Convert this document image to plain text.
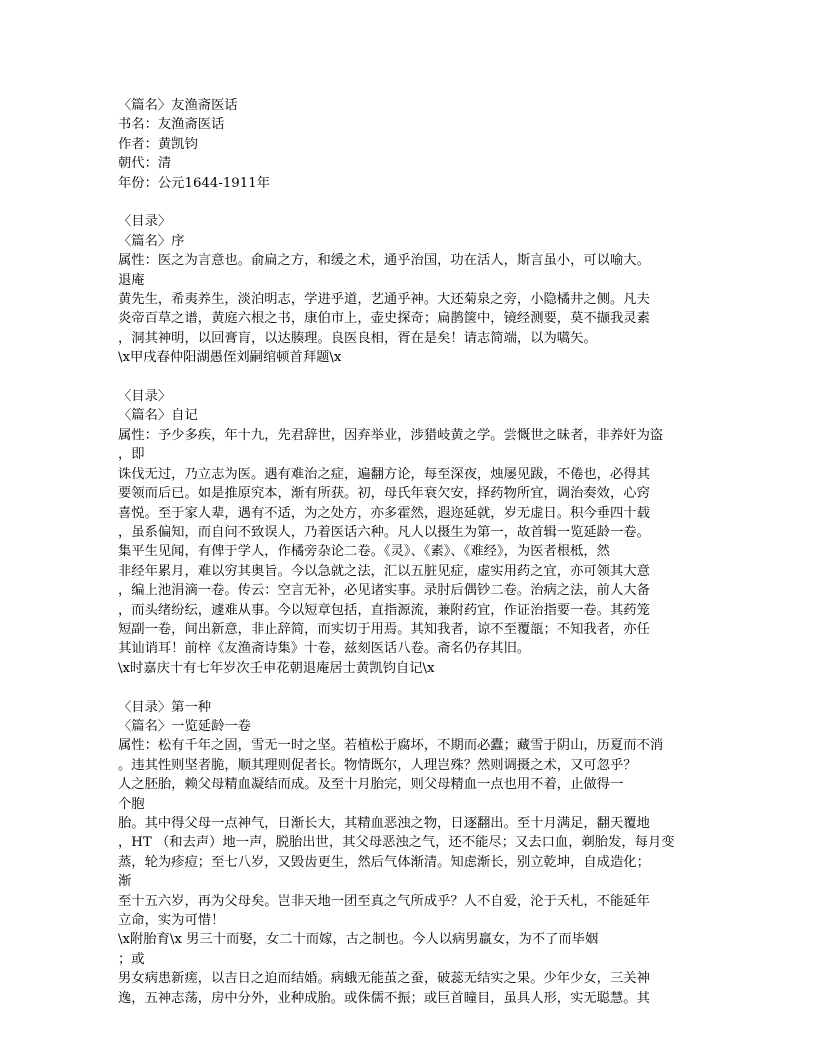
〈篇名〉友渔斋医话
书名：友渔斋医话
作者：黄凯钧
朝代：清
年份：公元1644-1911年
〈目录〉
〈篇名〉序
属性：医之为言意也。俞扁之方，和缓之术，通乎治国，功在活人，斯言虽小，可以喻大。
退庵
黄先生，希夷养生，淡泊明志，学进乎道，艺通乎神。大还菊泉之旁，小隐橘井之侧。凡夫
炎帝百草之谱，黄庭六根之书，康伯市上，壶史探奇；扁鹊箧中，镜经测要，莫不撷我灵素
，洞其神明，以回膏肓，以达腠理。良医良相，胥在是矣！请志简端，以为嚆矢。
\x甲戌春仲阳湖愚侄刘嗣绾顿首拜题\x
〈目录〉
〈篇名〉自记
属性：予少多疾，年十九，先君辞世，因弃举业，涉猎岐黄之学。尝慨世之昧者，非养奸为盗
，即
诛伐无过，乃立志为医。遇有难治之症，遍翻方论，每至深夜，烛屡见跋，不倦也，必得其
要领而后已。如是推原究本，渐有所获。初，母氏年衰欠安，择药物所宜，调治奏效，心窍
喜悦。至于家人辈，遇有不适，为之处方，亦多霍然，遐迩延就，岁无虚日。积今垂四十载
，虽系偏知，而自问不致误人，乃着医话六种。凡人以摄生为第一，故首辑一览延龄一卷。
集平生见闻，有俾于学人，作橘旁杂论二卷。《灵》、《素》、《难经》，为医者根柢，然
非经年累月，难以穷其奥旨。今以急就之法，汇以五脏见症，虚实用药之宜，亦可领其大意
，编上池涓滴一卷。传云：空言无补，必见诸实事。录肘后偶钞二卷。治病之法，前人大备
，而头绪纷纭，遽难从事。今以短章包括，直指源流，兼附药宜，作证治指要一卷。其药笼
短副一卷，间出新意，非止辞简，而实切于用焉。其知我者，谅不至覆瓿；不知我者，亦任
其讪诮耳！前梓《友渔斋诗集》十卷，兹刻医话八卷。斋名仍存其旧。
\x时嘉庆十有七年岁次壬申花朝退庵居士黄凯钧自记\x
〈目录〉第一种
〈篇名〉一览延龄一卷
属性：松有千年之固，雪无一时之坚。若植松于腐坏，不期而必蠹；藏雪于阴山，历夏而不消
。违其性则坚者脆，顺其理则促者长。物情既尔，人理岂殊？然则调摄之术，又可忽乎？
人之胚胎，赖父母精血凝结而成。及至十月胎完，则父母精血一点也用不着，止做得一
个胞
胎。其中得父母一点神气，日渐长大，其精血恶浊之物，日逐翻出。至十月满足，翻天覆地
，HT （和去声）地一声，脱胎出世，其父母恶浊之气，还不能尽；又去口血，剃胎发，每月变
蒸，轮为疹痘；至七八岁，又毁齿更生，然后气体渐清。知虑渐长，别立乾坤，自成造化；
渐
至十五六岁，再为父母矣。岂非天地一团至真之气所成乎？人不自爱，沦于夭札，不能延年
立命，实为可惜！
\x附胎育\x 男三十而娶，女二十而嫁，古之制也。今人以病男羸女，为不了而毕姻
；或
男女病患新瘥，以吉日之迫而结婚。病蛾无能茧之蚕，破蕊无结实之果。少年少女，三关神
逸，五神志荡，房中分外，业种成胎。或侏儒不振；或巨首瞳目，虽具人形，实无聪慧。其
